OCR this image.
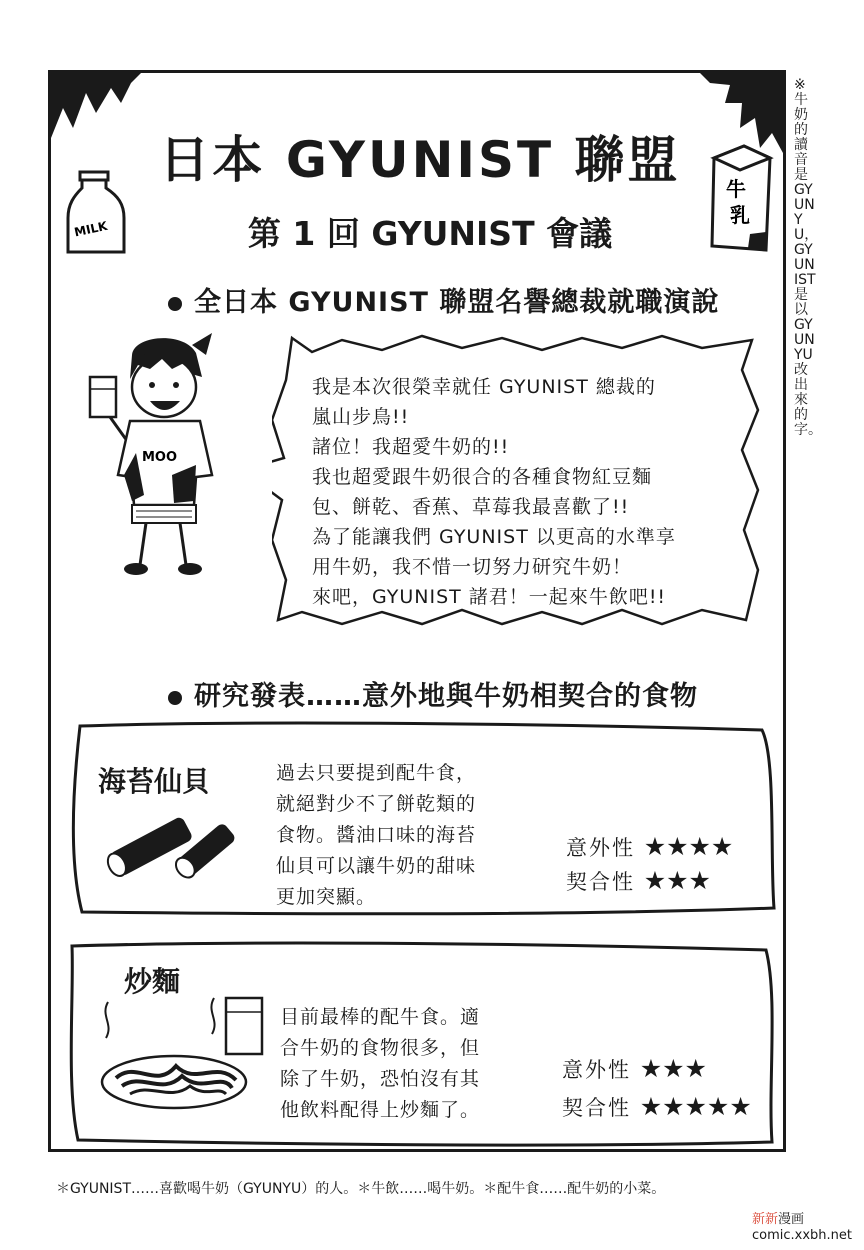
日本 GYUNIST 聯盟
第 1 回 GYUNIST 會議
MILK
牛
乳
全日本 GYUNIST 聯盟名譽總裁就職演說
MOO
我是本次很榮幸就任 GYUNIST 總裁的
嵐山步鳥!!
諸位！我超愛牛奶的!!
我也超愛跟牛奶很合的各種食物紅豆麵
包、餅乾、香蕉、草莓我最喜歡了!!
為了能讓我們 GYUNIST 以更高的水準享
用牛奶，我不惜一切努力研究牛奶！
來吧，GYUNIST 諸君！一起來牛飲吧!!
研究發表……意外地與牛奶相契合的食物
海苔仙貝	過去只要提到配牛食，
就絕對少不了餅乾類的
食物。醬油口味的海苔
仙貝可以讓牛奶的甜味
更加突顯。
意外性 ★★★★
契合性 ★★★
炒麵
目前最棒的配牛食。適
合牛奶的食物很多，但
除了牛奶，恐怕沒有其
他飲料配得上炒麵了。
意外性 ★★★
契合性 ★★★★★
※牛奶的讀音是GYUNYU，GYUNIST是以GYUNYU改出來的字。
＊GYUNIST……喜歡喝牛奶（GYUNYU）的人。＊牛飲……喝牛奶。＊配牛食……配牛奶的小菜。
新新漫画
comic.xxbh.net
